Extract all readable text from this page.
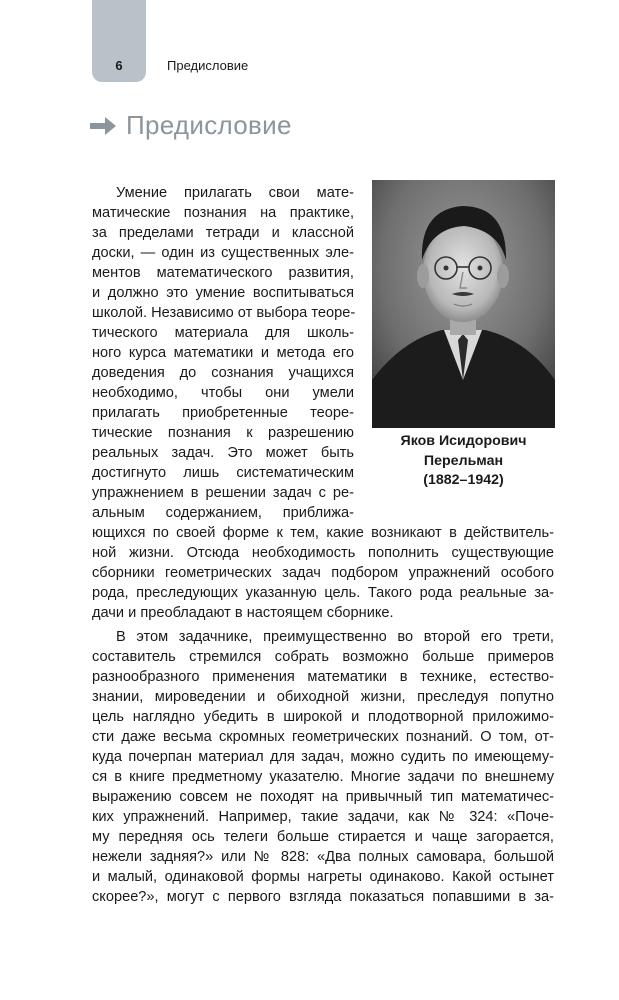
6	Предисловие
Предисловие
Яков Исидорович
Перельман
(1882–1942)
Умение прилагать свои мате-
матические познания на практике,
за пределами тетради и классной
доски, — один из существенных эле-
ментов математического развития,
и должно это умение воспитываться
школой. Независимо от выбора теоре-
тического материала для школь-
ного курса математики и метода его
доведения до сознания учащихся
необходимо, чтобы они умели
прилагать приобретенные теоре-
тические познания к разрешению
реальных задач. Это может быть
достигнуто лишь систематическим
упражнением в решении задач с ре-
альным содержанием, приближа-
ющихся по своей форме к тем, какие возникают в действитель-
ной жизни. Отсюда необходимость пополнить существующие
сборники геометрических задач подбором упражнений особого
рода, преследующих указанную цель. Такого рода реальные за-
дачи и преобладают в настоящем сборнике.
В этом задачнике, преимущественно во второй его трети,
составитель стремился собрать возможно больше примеров
разнообразного применения математики в технике, естество-
знании, мироведении и обиходной жизни, преследуя попутно
цель наглядно убедить в широкой и плодотворной приложимо-
сти даже весьма скромных геометрических познаний. О том, от-
куда почерпан материал для задач, можно судить по имеющему-
ся в книге предметному указателю. Многие задачи по внешнему
выражению совсем не походят на привычный тип математичес-
ких упражнений. Например, такие задачи, как № 324: «Поче-
му передняя ось телеги больше стирается и чаще загорается,
нежели задняя?» или № 828: «Два полных самовара, большой
и малый, одинаковой формы нагреты одинаково. Какой остынет
скорее?», могут с первого взгляда показаться попавшими в за-
